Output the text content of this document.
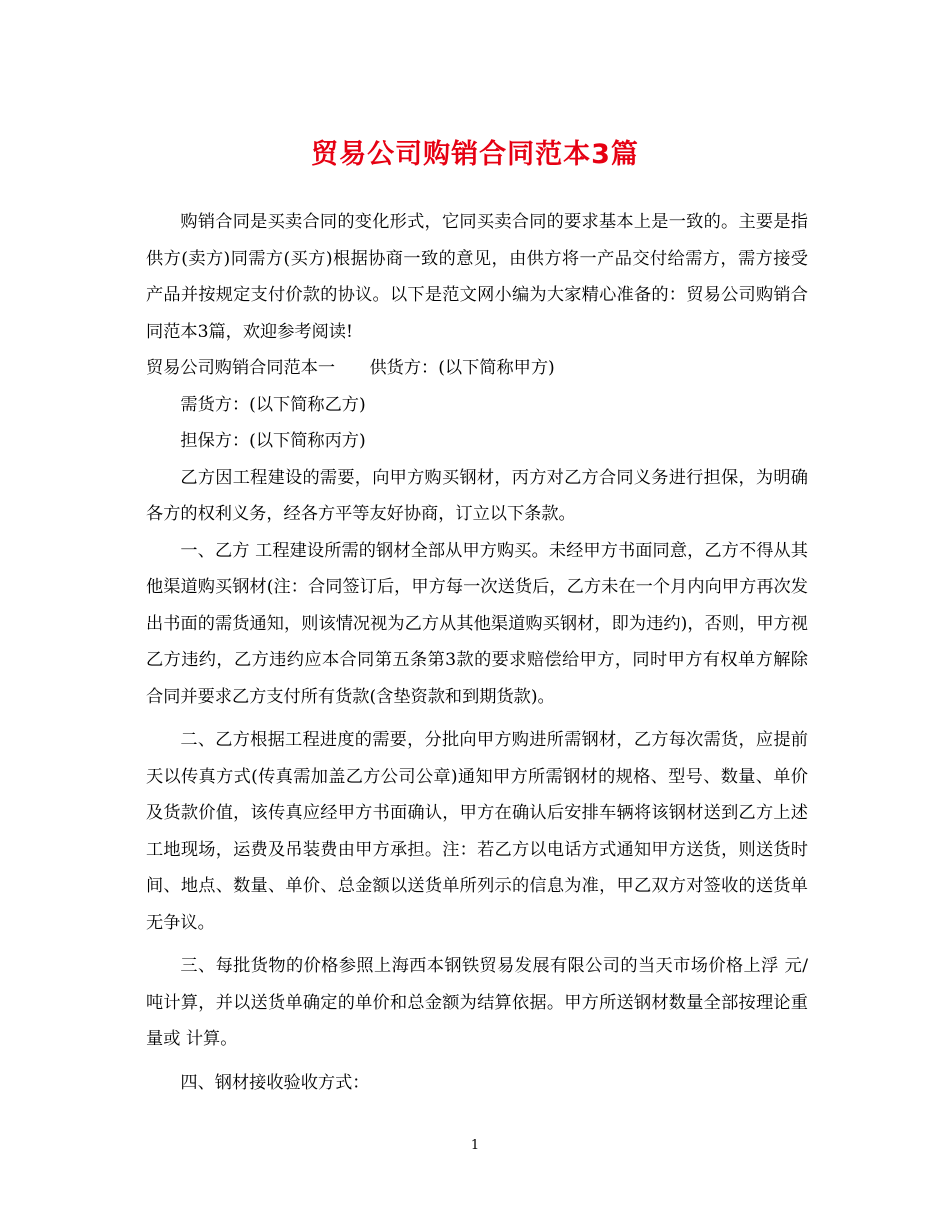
贸易公司购销合同范本3篇

购销合同是买卖合同的变化形式，它同买卖合同的要求基本上是一致的。主要是指供方(卖方)同需方(买方)根据协商一致的意见，由供方将一产品交付给需方，需方接受产品并按规定支付价款的协议。以下是范文网小编为大家精心准备的：贸易公司购销合同范本3篇，欢迎参考阅读!

贸易公司购销合同范本一　　供货方：(以下简称甲方)

需货方：(以下简称乙方)

担保方：(以下简称丙方)

乙方因工程建设的需要，向甲方购买钢材，丙方对乙方合同义务进行担保，为明确各方的权利义务，经各方平等友好协商，订立以下条款。

一、乙方 工程建设所需的钢材全部从甲方购买。未经甲方书面同意，乙方不得从其他渠道购买钢材(注：合同签订后，甲方每一次送货后，乙方未在一个月内向甲方再次发出书面的需货通知，则该情况视为乙方从其他渠道购买钢材，即为违约)，否则，甲方视乙方违约，乙方违约应本合同第五条第3款的要求赔偿给甲方，同时甲方有权单方解除合同并要求乙方支付所有货款(含垫资款和到期货款)。

二、乙方根据工程进度的需要，分批向甲方购进所需钢材，乙方每次需货，应提前 天以传真方式(传真需加盖乙方公司公章)通知甲方所需钢材的规格、型号、数量、单价及货款价值，该传真应经甲方书面确认，甲方在确认后安排车辆将该钢材送到乙方上述工地现场，运费及吊装费由甲方承担。注：若乙方以电话方式通知甲方送货，则送货时间、地点、数量、单价、总金额以送货单所列示的信息为准，甲乙双方对签收的送货单无争议。

三、每批货物的价格参照上海西本钢铁贸易发展有限公司的当天市场价格上浮 元/吨计算，并以送货单确定的单价和总金额为结算依据。甲方所送钢材数量全部按理论重量或 计算。

四、钢材接收验收方式：

1
